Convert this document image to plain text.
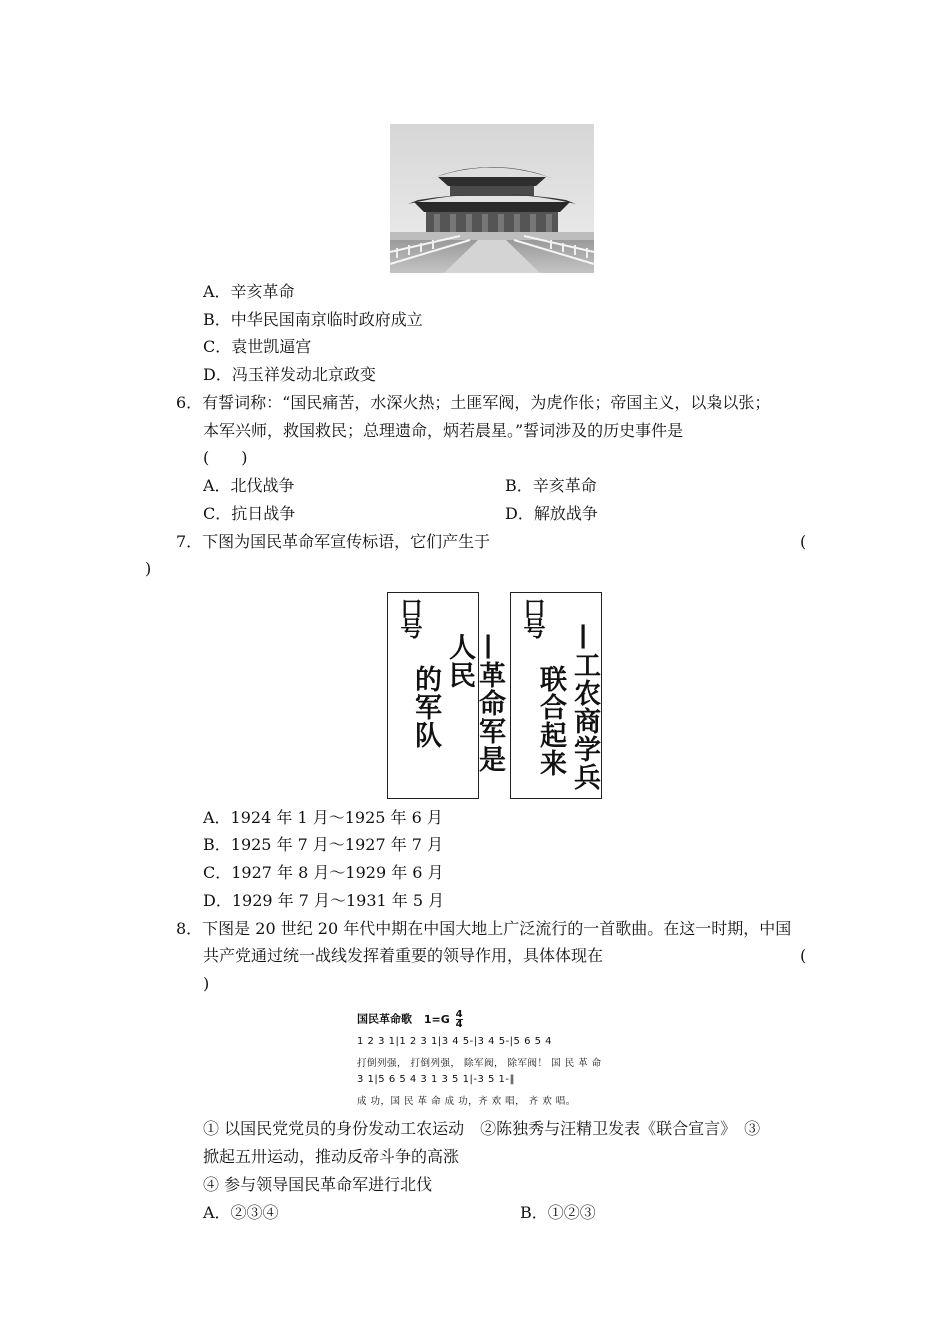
A．辛亥革命
B．中华民国南京临时政府成立
C．袁世凯逼宫
D．冯玉祥发动北京政变
6．有誓词称：“国民痛苦，水深火热；土匪军阀，为虎作伥；帝国主义，以枭以张；
本军兴师，救国救民；总理遗命，炳若晨星。”誓词涉及的历史事件是
(　　)
A．北伐战争	B．辛亥革命
C．抗日战争	D．解放战争
7．下图为国民革命军宣传标语，它们产生于	(
)
口号
—革命军是人民
的军队
口号
—工农商学兵
联合起来
A．1924 年 1 月～1925 年 6 月
B．1925 年 7 月～1927 年 7 月
C．1927 年 8 月～1929 年 6 月
D．1929 年 7 月～1931 年 5 月
8．下图是 20 世纪 20 年代中期在中国大地上广泛流行的一首歌曲。在这一时期，中国
共产党通过统一战线发挥着重要的领导作用，具体体现在	(
)
国民革命歌 $1=G \frac{4}{4}$
1 2 3 1|1 2 3 1|3 4 5-|3 4 5-|5 6 5 4
打倒列强， 打倒列强， 除军阀， 除军阀！ 国 民 革 命
3 1|5 6 5 4 3 1 3 5 1|-3 5 1-‖
成 功，国 民 革 命 成 功，齐 欢 唱， 齐 欢 唱。
① 以国民党党员的身份发动工农运动　②陈独秀与汪精卫发表《联合宣言》　③
掀起五卅运动，推动反帝斗争的高涨
④ 参与领导国民革命军进行北伐
A．②③④	B．①②③
